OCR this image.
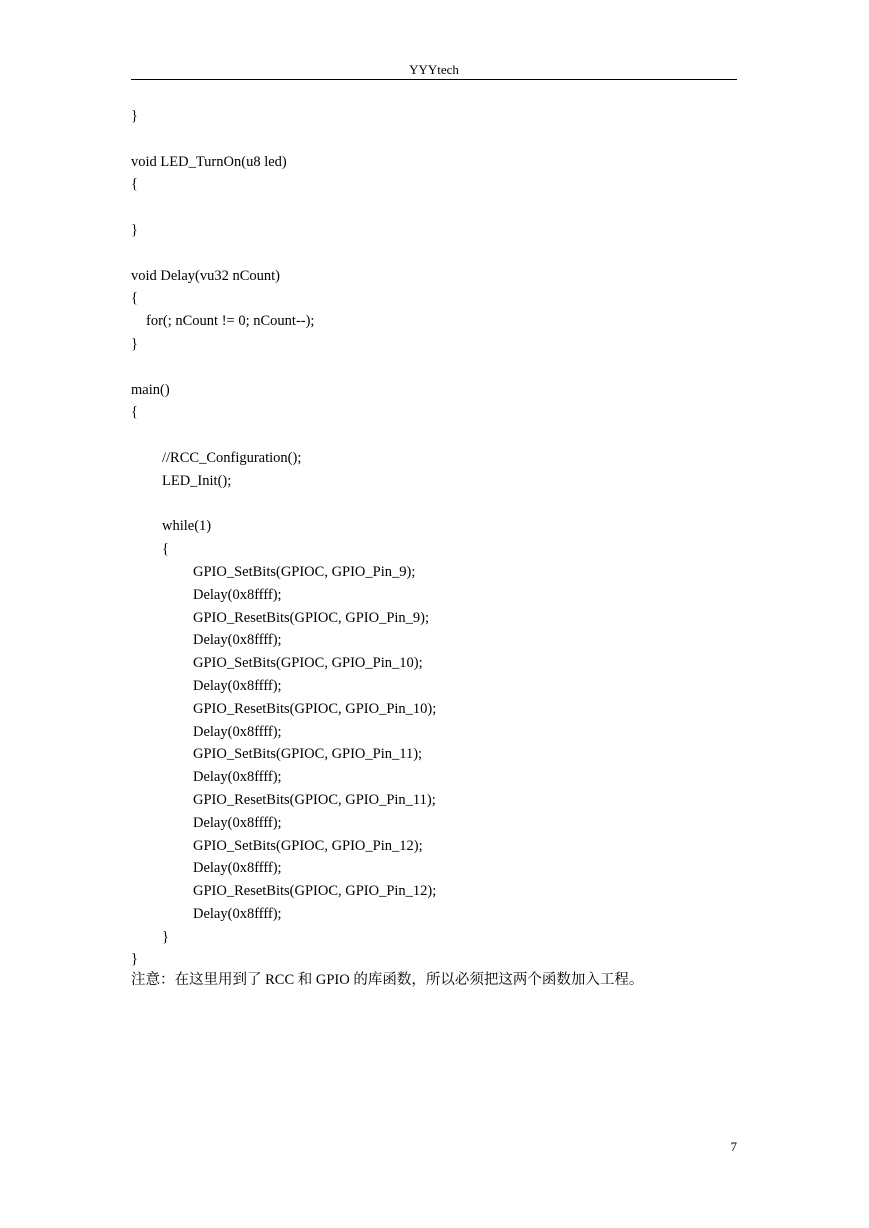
YYYtech
}
void LED_TurnOn(u8 led)
{
}
void Delay(vu32 nCount)
{
for(; nCount != 0; nCount--);
}
main()
{
//RCC_Configuration();
LED_Init();
while(1)
{
GPIO_SetBits(GPIOC, GPIO_Pin_9);
Delay(0x8ffff);
GPIO_ResetBits(GPIOC, GPIO_Pin_9);
Delay(0x8ffff);
GPIO_SetBits(GPIOC, GPIO_Pin_10);
Delay(0x8ffff);
GPIO_ResetBits(GPIOC, GPIO_Pin_10);
Delay(0x8ffff);
GPIO_SetBits(GPIOC, GPIO_Pin_11);
Delay(0x8ffff);
GPIO_ResetBits(GPIOC, GPIO_Pin_11);
Delay(0x8ffff);
GPIO_SetBits(GPIOC, GPIO_Pin_12);
Delay(0x8ffff);
GPIO_ResetBits(GPIOC, GPIO_Pin_12);
Delay(0x8ffff);
}
}
注意：在这里用到了 RCC 和 GPIO 的库函数，所以必须把这两个函数加入工程。
7
